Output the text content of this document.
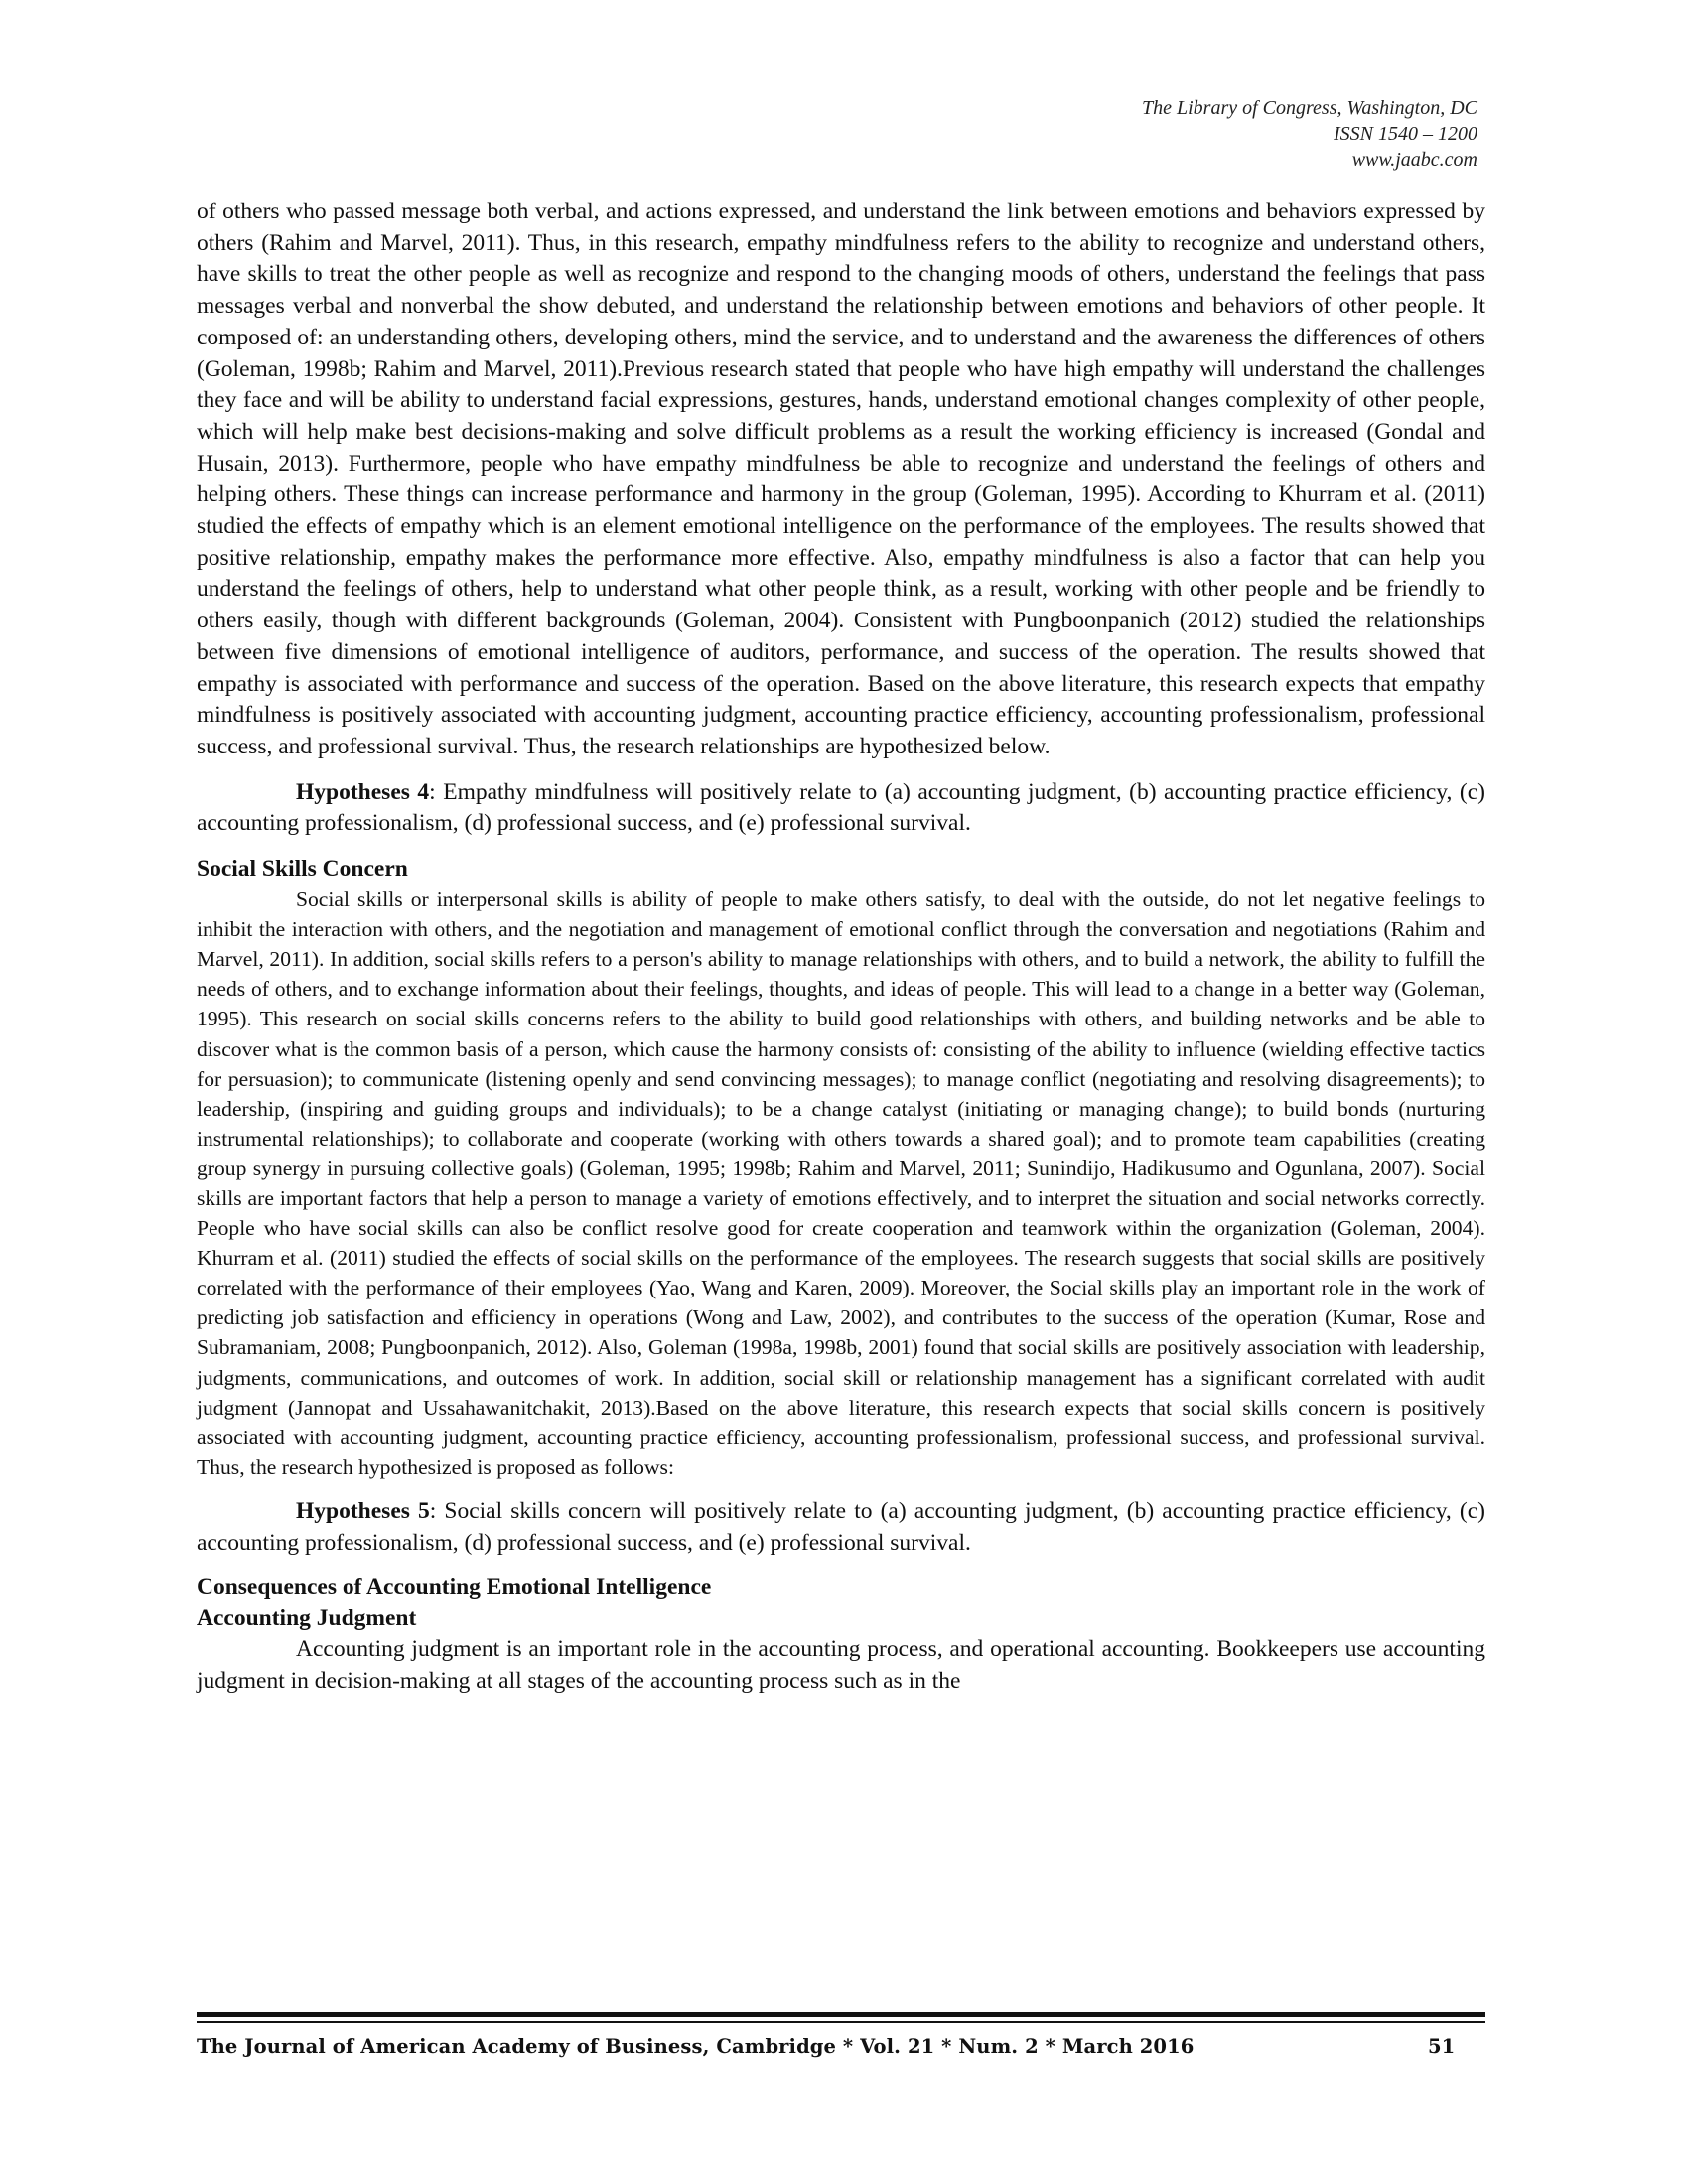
The Library of Congress, Washington, DC
ISSN 1540 – 1200
www.jaabc.com

of others who passed message both verbal, and actions expressed, and understand the link between emotions and behaviors expressed by others (Rahim and Marvel, 2011). Thus, in this research, empathy mindfulness refers to the ability to recognize and understand others, have skills to treat the other people as well as recognize and respond to the changing moods of others, understand the feelings that pass messages verbal and nonverbal the show debuted, and understand the relationship between emotions and behaviors of other people. It composed of: an understanding others, developing others, mind the service, and to understand and the awareness the differences of others (Goleman, 1998b; Rahim and Marvel, 2011).Previous research stated that people who have high empathy will understand the challenges they face and will be ability to understand facial expressions, gestures, hands, understand emotional changes complexity of other people, which will help make best decisions-making and solve difficult problems as a result the working efficiency is increased (Gondal and Husain, 2013). Furthermore, people who have empathy mindfulness be able to recognize and understand the feelings of others and helping others. These things can increase performance and harmony in the group (Goleman, 1995). According to Khurram et al. (2011) studied the effects of empathy which is an element emotional intelligence on the performance of the employees. The results showed that positive relationship, empathy makes the performance more effective. Also, empathy mindfulness is also a factor that can help you understand the feelings of others, help to understand what other people think, as a result, working with other people and be friendly to others easily, though with different backgrounds (Goleman, 2004). Consistent with Pungboonpanich (2012) studied the relationships between five dimensions of emotional intelligence of auditors, performance, and success of the operation. The results showed that empathy is associated with performance and success of the operation. Based on the above literature, this research expects that empathy mindfulness is positively associated with accounting judgment, accounting practice efficiency, accounting professionalism, professional success, and professional survival. Thus, the research relationships are hypothesized below.

Hypotheses 4: Empathy mindfulness will positively relate to (a) accounting judgment, (b) accounting practice efficiency, (c) accounting professionalism, (d) professional success, and (e) professional survival.

Social Skills Concern

Social skills or interpersonal skills is ability of people to make others satisfy, to deal with the outside, do not let negative feelings to inhibit the interaction with others, and the negotiation and management of emotional conflict through the conversation and negotiations (Rahim and Marvel, 2011). In addition, social skills refers to a person's ability to manage relationships with others, and to build a network, the ability to fulfill the needs of others, and to exchange information about their feelings, thoughts, and ideas of people. This will lead to a change in a better way (Goleman, 1995). This research on social skills concerns refers to the ability to build good relationships with others, and building networks and be able to discover what is the common basis of a person, which cause the harmony consists of: consisting of the ability to influence (wielding effective tactics for persuasion); to communicate (listening openly and send convincing messages); to manage conflict (negotiating and resolving disagreements); to leadership, (inspiring and guiding groups and individuals); to be a change catalyst (initiating or managing change); to build bonds (nurturing instrumental relationships); to collaborate and cooperate (working with others towards a shared goal); and to promote team capabilities (creating group synergy in pursuing collective goals) (Goleman, 1995; 1998b; Rahim and Marvel, 2011; Sunindijo, Hadikusumo and Ogunlana, 2007). Social skills are important factors that help a person to manage a variety of emotions effectively, and to interpret the situation and social networks correctly. People who have social skills can also be conflict resolve good for create cooperation and teamwork within the organization (Goleman, 2004). Khurram et al. (2011) studied the effects of social skills on the performance of the employees. The research suggests that social skills are positively correlated with the performance of their employees (Yao, Wang and Karen, 2009). Moreover, the Social skills play an important role in the work of predicting job satisfaction and efficiency in operations (Wong and Law, 2002), and contributes to the success of the operation (Kumar, Rose and Subramaniam, 2008; Pungboonpanich, 2012). Also, Goleman (1998a, 1998b, 2001) found that social skills are positively association with leadership, judgments, communications, and outcomes of work. In addition, social skill or relationship management has a significant correlated with audit judgment (Jannopat and Ussahawanitchakit, 2013).Based on the above literature, this research expects that social skills concern is positively associated with accounting judgment, accounting practice efficiency, accounting professionalism, professional success, and professional survival. Thus, the research hypothesized is proposed as follows:

Hypotheses 5: Social skills concern will positively relate to (a) accounting judgment, (b) accounting practice efficiency, (c) accounting professionalism, (d) professional success, and (e) professional survival.

Consequences of Accounting Emotional Intelligence
Accounting Judgment

Accounting judgment is an important role in the accounting process, and operational accounting. Bookkeepers use accounting judgment in decision-making at all stages of the accounting process such as in the

The Journal of American Academy of Business, Cambridge * Vol. 21 * Num. 2 * March 2016	51
